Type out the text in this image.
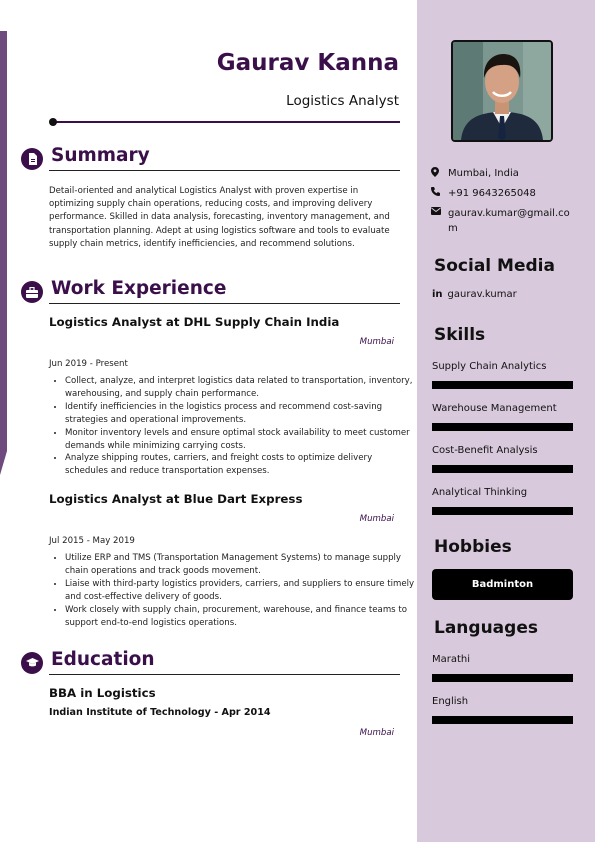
Gaurav Kanna
Logistics Analyst
Summary

Detail-oriented and analytical Logistics Analyst with proven expertise in optimizing supply chain operations, reducing costs, and improving delivery performance. Skilled in data analysis, forecasting, inventory management, and transportation planning. Adept at using logistics software and tools to evaluate supply chain metrics, identify inefficiencies, and recommend solutions.

Work Experience
Logistics Analyst at DHL Supply Chain India
Mumbai
Jun 2019 - Present
• Collect, analyze, and interpret logistics data related to transportation, inventory, warehousing, and supply chain performance.
• Identify inefficiencies in the logistics process and recommend cost-saving strategies and operational improvements.
• Monitor inventory levels and ensure optimal stock availability to meet customer demands while minimizing carrying costs.
• Analyze shipping routes, carriers, and freight costs to optimize delivery schedules and reduce transportation expenses.
Logistics Analyst at Blue Dart Express
Mumbai
Jul 2015 - May 2019
• Utilize ERP and TMS (Transportation Management Systems) to manage supply chain operations and track goods movement.
• Liaise with third-party logistics providers, carriers, and suppliers to ensure timely and cost-effective delivery of goods.
• Work closely with supply chain, procurement, warehouse, and finance teams to support end-to-end logistics operations.
Education
BBA in Logistics
Indian Institute of Technology - Apr 2014
Mumbai
Mumbai, India
+91 9643265048
gaurav.kumar@gmail.com
Social Media
in gaurav.kumar
Skills
Supply Chain Analytics
Warehouse Management
Cost-Benefit Analysis
Analytical Thinking
Hobbies
Badminton
Languages
Marathi
English
